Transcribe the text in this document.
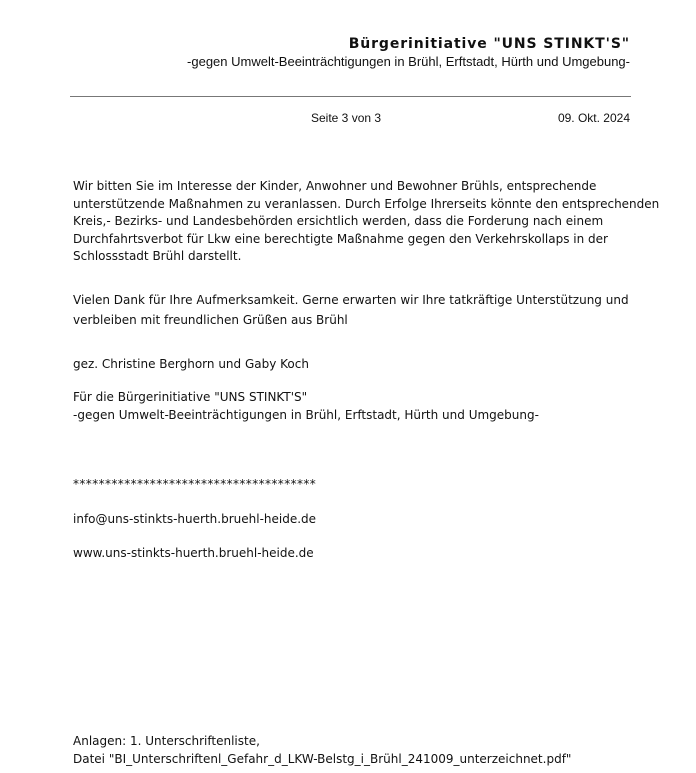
Bürgerinitiative "UNS STINKT'S"
-gegen Umwelt-Beeinträchtigungen in Brühl, Erftstadt, Hürth und Umgebung-
Seite 3 von 3	09. Okt. 2024
Wir bitten Sie im Interesse der Kinder, Anwohner und Bewohner Brühls, entsprechende
unterstützende Maßnahmen zu veranlassen. Durch Erfolge Ihrerseits könnte den entsprechenden
Kreis,- Bezirks- und Landesbehörden ersichtlich werden, dass die Forderung nach einem
Durchfahrtsverbot für Lkw eine berechtigte Maßnahme gegen den Verkehrskollaps in der
Schlossstadt Brühl darstellt.
Vielen Dank für Ihre Aufmerksamkeit. Gerne erwarten wir Ihre tatkräftige Unterstützung und
verbleiben mit freundlichen Grüßen aus Brühl
gez. Christine Berghorn und Gaby Koch
Für die Bürgerinitiative "UNS STINKT'S"
-gegen Umwelt-Beeinträchtigungen in Brühl, Erftstadt, Hürth und Umgebung-
**************************************
info@uns-stinkts-huerth.bruehl-heide.de
www.uns-stinkts-huerth.bruehl-heide.de
Anlagen: 1. Unterschriftenliste,
Datei "BI_Unterschriftenl_Gefahr_d_LKW-Belstg_i_Brühl_241009_unterzeichnet.pdf"
